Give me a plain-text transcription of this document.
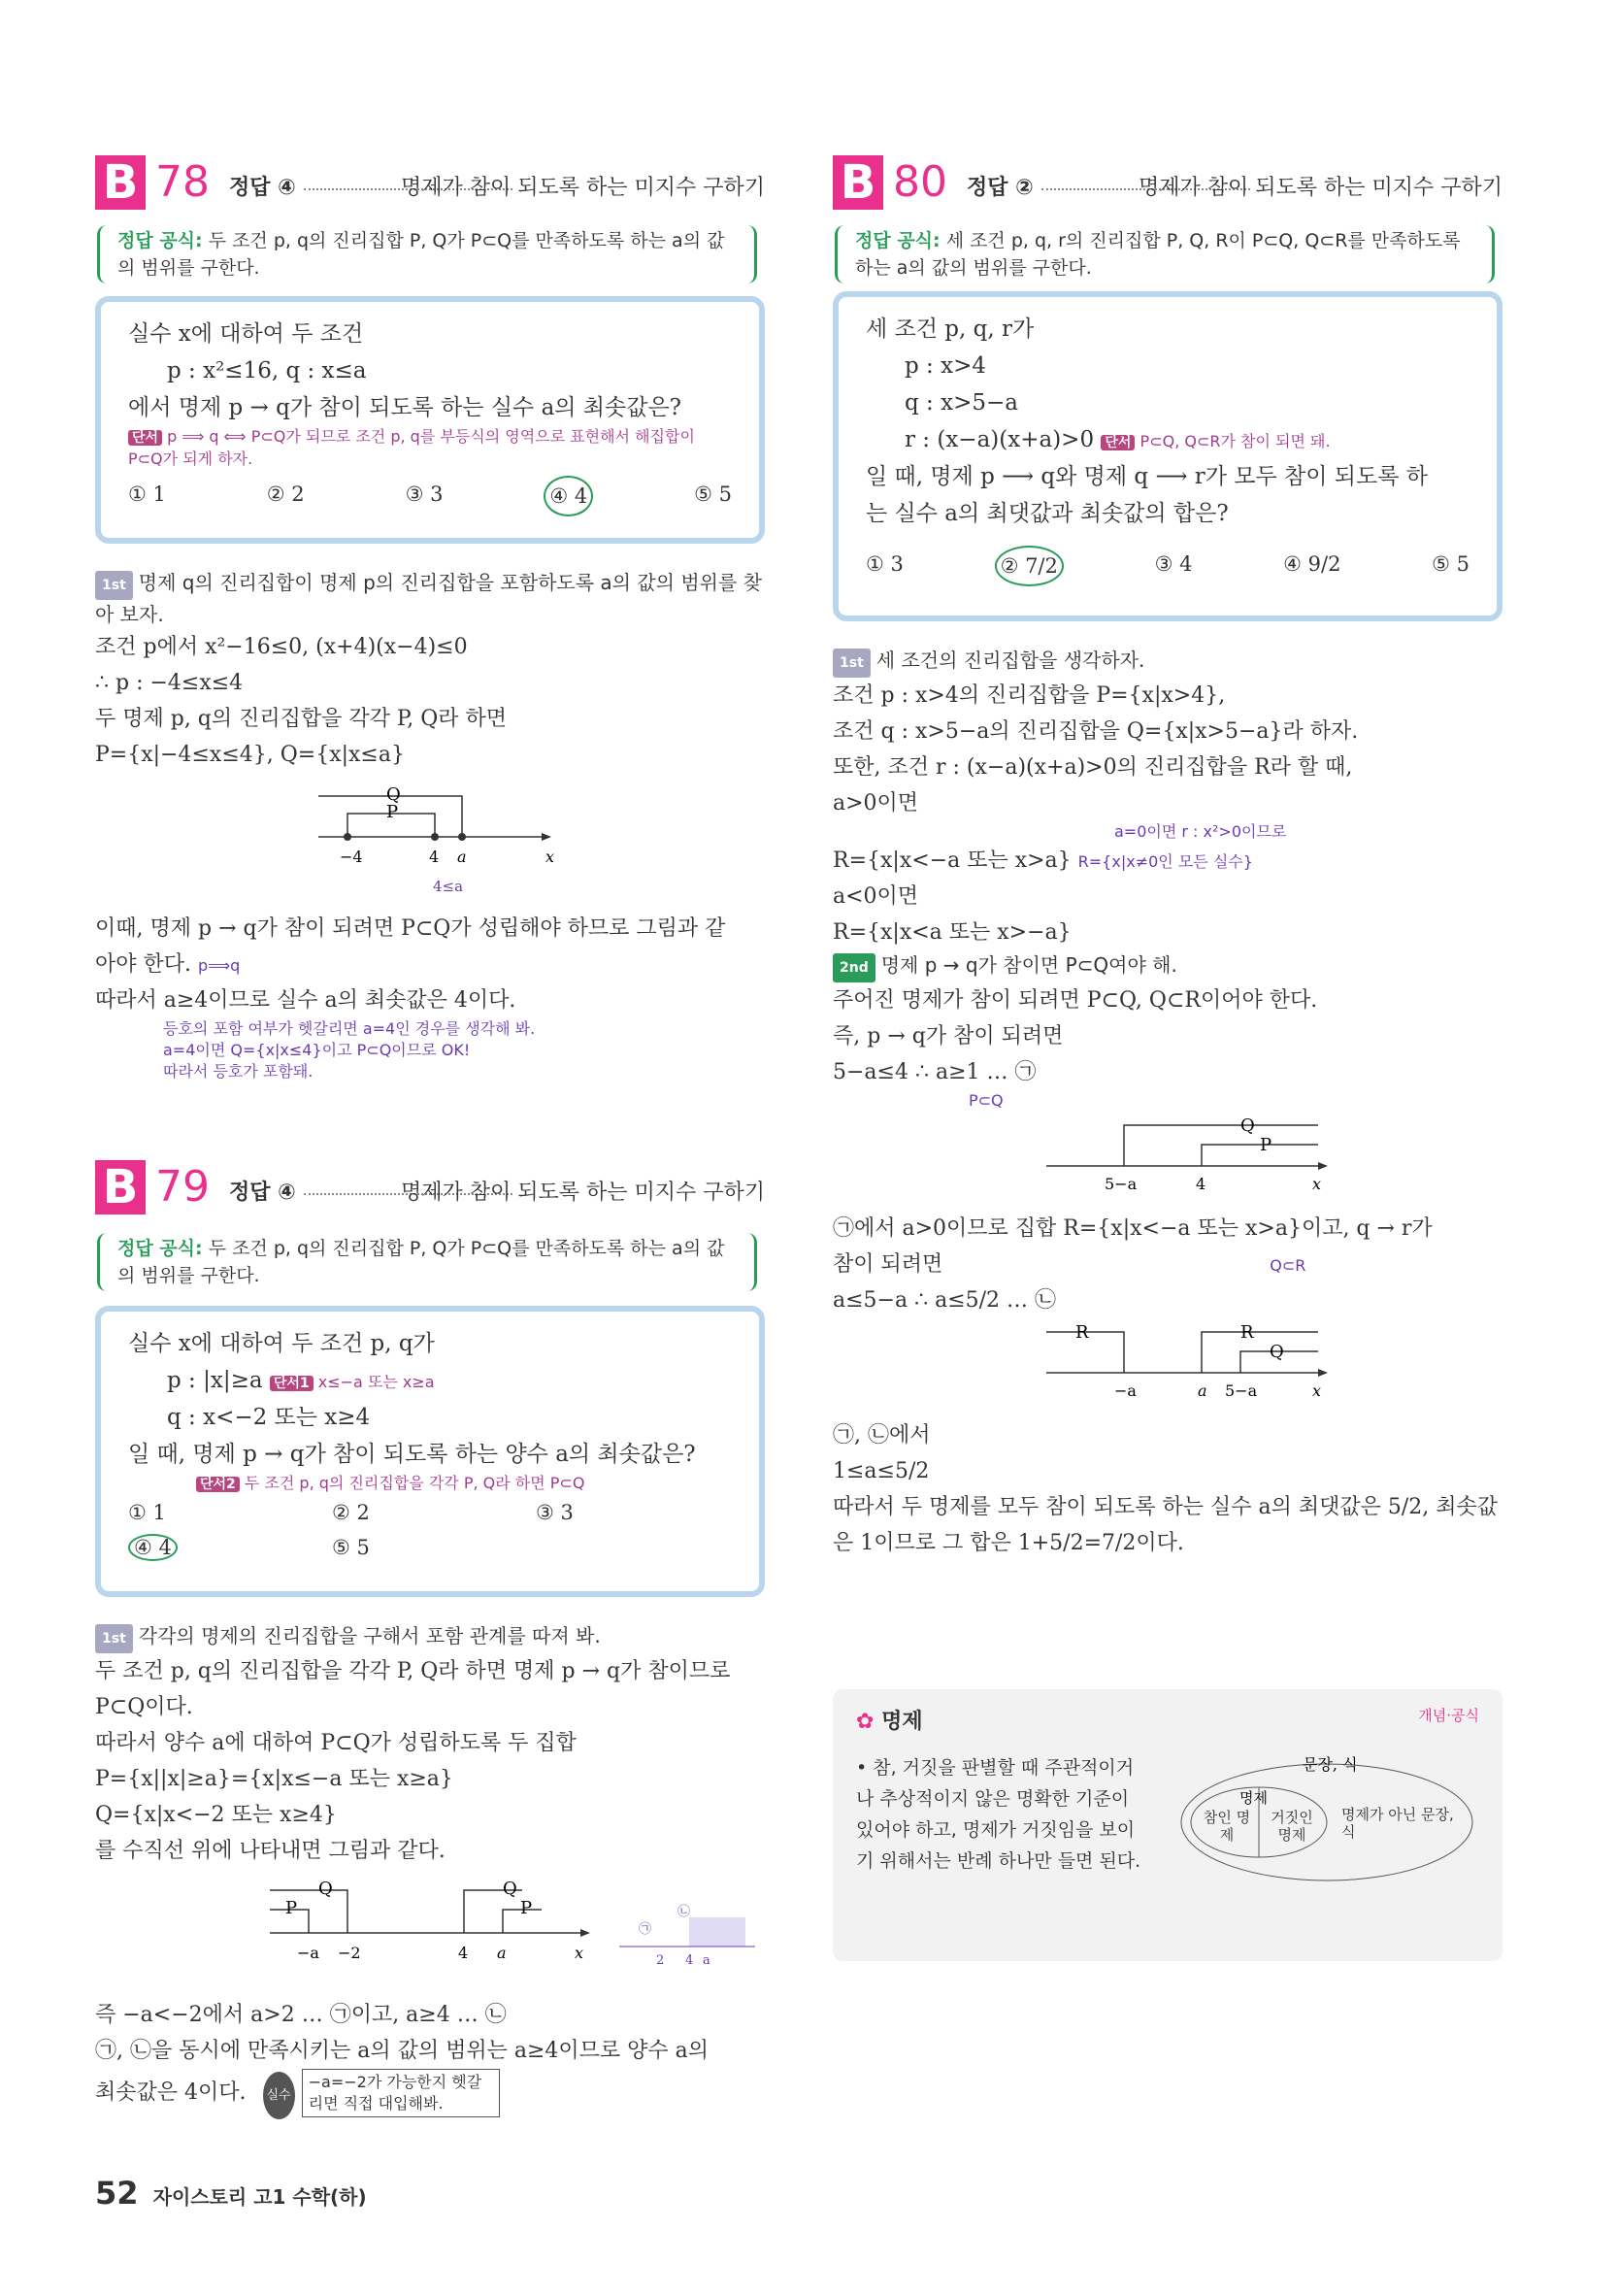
B 78 정답 ④	명제가 참이 되도록 하는 미지수 구하기
정답 공식: 두 조건 p, q의 진리집합 P, Q가 P⊂Q를 만족하도록 하는 a의 값의 범위를 구한다.
실수 x에 대하여 두 조건
p : x²≤16, q : x≤a
에서 명제 p → q가 참이 되도록 하는 실수 a의 최솟값은?
단서 p ⟹ q ⟺ P⊂Q가 되므로 조건 p, q를 부등식의 영역으로 표현해서 해집합이 P⊂Q가 되게 하자.
① 1	② 2	③ 3	④ 4	⑤ 5
1st 명제 q의 진리집합이 명제 p의 진리집합을 포함하도록 a의 값의 범위를 찾아 보자.
조건 p에서 x²−16≤0, (x+4)(x−4)≤0
∴ p : −4≤x≤4
두 명제 p, q의 진리집합을 각각 P, Q라 하면
P={x|−4≤x≤4}, Q={x|x≤a}
P
Q
−4	4 a	x
4≤a
이때, 명제 p → q가 참이 되려면 P⊂Q가 성립해야 하므로 그림과 같
아야 한다. p⟹q
따라서 a≥4이므로 실수 a의 최솟값은 4이다.
등호의 포함 여부가 헷갈리면 a=4인 경우를 생각해 봐.
a=4이면 Q={x|x≤4}이고 P⊂Q이므로 OK!
따라서 등호가 포함돼.
B 79 정답 ④	명제가 참이 되도록 하는 미지수 구하기
정답 공식: 두 조건 p, q의 진리집합 P, Q가 P⊂Q를 만족하도록 하는 a의 값의 범위를 구한다.
실수 x에 대하여 두 조건 p, q가
p : |x|≥a 단서1 x≤−a 또는 x≥a
q : x<−2 또는 x≥4
일 때, 명제 p → q가 참이 되도록 하는 양수 a의 최솟값은?
단서2 두 조건 p, q의 진리집합을 각각 P, Q라 하면 P⊂Q
① 1	② 2	③ 3
④ 4	⑤ 5
1st 각각의 명제의 진리집합을 구해서 포함 관계를 따져 봐.
두 조건 p, q의 진리집합을 각각 P, Q라 하면 명제 p → q가 참이므로
P⊂Q이다.
따라서 양수 a에 대하여 P⊂Q가 성립하도록 두 집합
P={x||x|≥a}={x|x≤−a 또는 x≥a}
Q={x|x<−2 또는 x≥4}
를 수직선 위에 나타내면 그림과 같다.
Q
P
Q
P
−a −2	4 a	x
㉠
㉡
2 4 a
즉 −a<−2에서 a>2 … ㉠이고, a≥4 … ㉡
㉠, ㉡을 동시에 만족시키는 a의 값의 범위는 a≥4이므로 양수 a의
최솟값은 4이다. 실수 −a=−2가 가능한지 헷갈리면 직접 대입해봐.
B 80 정답 ②	명제가 참이 되도록 하는 미지수 구하기
정답 공식: 세 조건 p, q, r의 진리집합 P, Q, R이 P⊂Q, Q⊂R를 만족하도록 하는 a의 값의 범위를 구한다.
세 조건 p, q, r가
p : x>4
q : x>5−a
r : (x−a)(x+a)>0 단서 P⊂Q, Q⊂R가 참이 되면 돼.
일 때, 명제 p ⟶ q와 명제 q ⟶ r가 모두 참이 되도록 하
는 실수 a의 최댓값과 최솟값의 합은?
① 3	② 7/2	③ 4	④ 9/2	⑤ 5
1st 세 조건의 진리집합을 생각하자.
조건 p : x>4의 진리집합을 P={x|x>4},
조건 q : x>5−a의 진리집합을 Q={x|x>5−a}라 하자.
또한, 조건 r : (x−a)(x+a)>0의 진리집합을 R라 할 때,
a>0이면
a=0이면 r : x²>0이므로
R={x|x<−a 또는 x>a} R={x|x≠0인 모든 실수}
a<0이면
R={x|x<a 또는 x>−a}
2nd 명제 p → q가 참이면 P⊂Q여야 해.
주어진 명제가 참이 되려면 P⊂Q, Q⊂R이어야 한다.
즉, p → q가 참이 되려면
5−a≤4 ∴ a≥1 … ㉠
P⊂Q
Q
P
5−a	4	x
㉠에서 a>0이므로 집합 R={x|x<−a 또는 x>a}이고, q → r가
참이 되려면	Q⊂R
a≤5−a ∴ a≤5/2 … ㉡
R	R
Q
−a	a 5−a	x
㉠, ㉡에서
1≤a≤5/2
따라서 두 명제를 모두 참이 되도록 하는 실수 a의 최댓값은 5/2, 최솟값
은 1이므로 그 합은 1+5/2=7/2이다.
✿ 명제	개념·공식
• 참, 거짓을 판별할 때 주관적이거나 추상적이지 않은 명확한 기준이 있어야 하고, 명제가 거짓임을 보이기 위해서는 반례 하나만 들면 된다.
문장, 식
명제
참인 명제
거짓인 명제
명제가 아닌 문장, 식
52 자이스토리 고1 수학(하)
